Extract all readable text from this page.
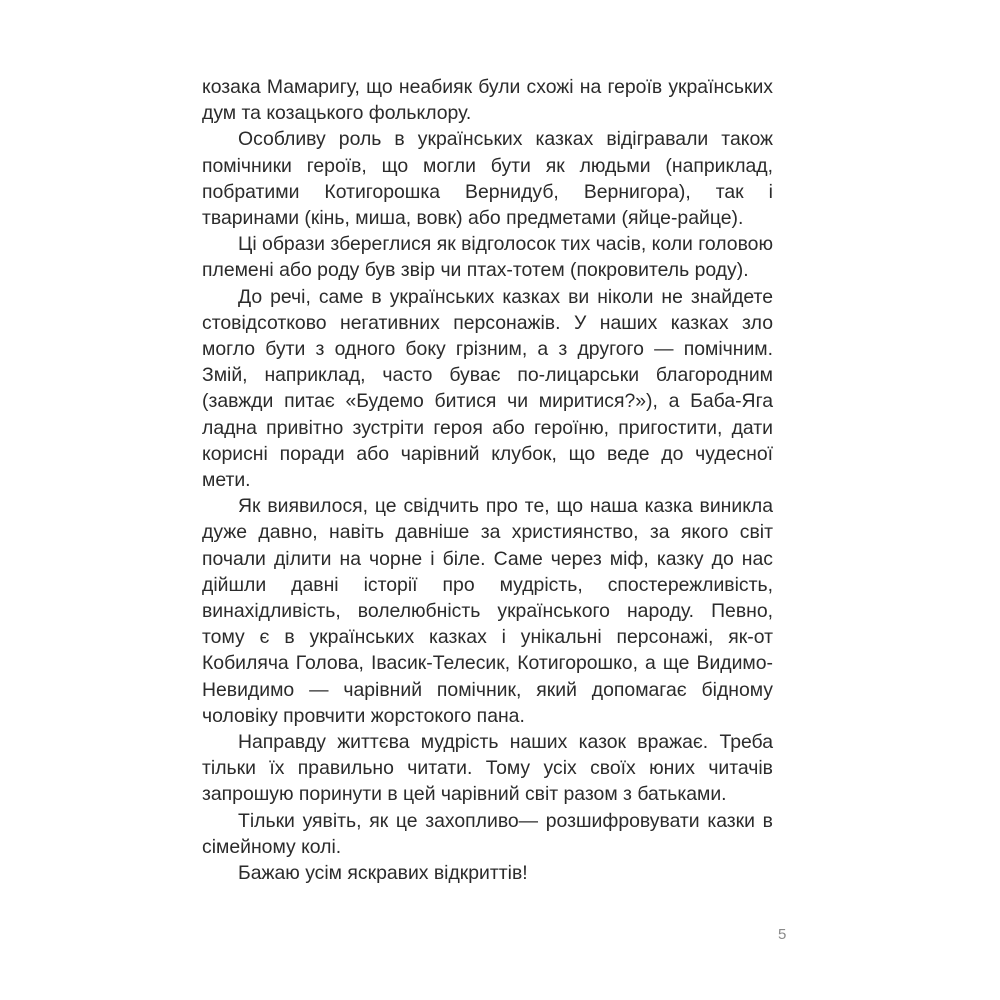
козака Мамаригу, що неабияк були схожі на героїв українських дум та козацького фольклору.

Особливу роль в українських казках відігравали також помічники героїв, що могли бути як людьми (наприклад, побратими Котигорошка Вернидуб, Вернигора), так і тваринами (кінь, миша, вовк) або предметами (яйце-райце).

Ці образи збереглися як відголосок тих часів, коли головою племені або роду був звір чи птах-тотем (покровитель роду).

До речі, саме в українських казках ви ніколи не знайдете стовідсотково негативних персонажів. У наших казках зло могло бути з одного боку грізним, а з другого — помічним. Змій, наприклад, часто буває по-лицарськи благородним (завжди питає «Будемо битися чи миритися?»), а Баба-Яга ладна привітно зустріти героя або героїню, пригостити, дати корисні поради або чарівний клубок, що веде до чудесної мети.

Як виявилося, це свідчить про те, що наша казка виникла дуже давно, навіть давніше за християнство, за якого світ почали ділити на чорне і біле. Саме через міф, казку до нас дійшли давні історії про мудрість, спостережливість, винахідливість, волелюбність українського народу. Певно, тому є в українських казках і унікальні персонажі, як-от Кобиляча Голова, Івасик-Телесик, Котигорошко, а ще Видимо-Невидимо — чарівний помічник, який допомагає бідному чоловіку провчити жорстокого пана.

Направду життєва мудрість наших казок вражає. Треба тільки їх правильно читати. Тому усіх своїх юних читачів запрошую поринути в цей чарівний світ разом з батьками.

Тільки уявіть, як це захопливо— розшифровувати казки в сімейному колі.

Бажаю усім яскравих відкриттів!

5
